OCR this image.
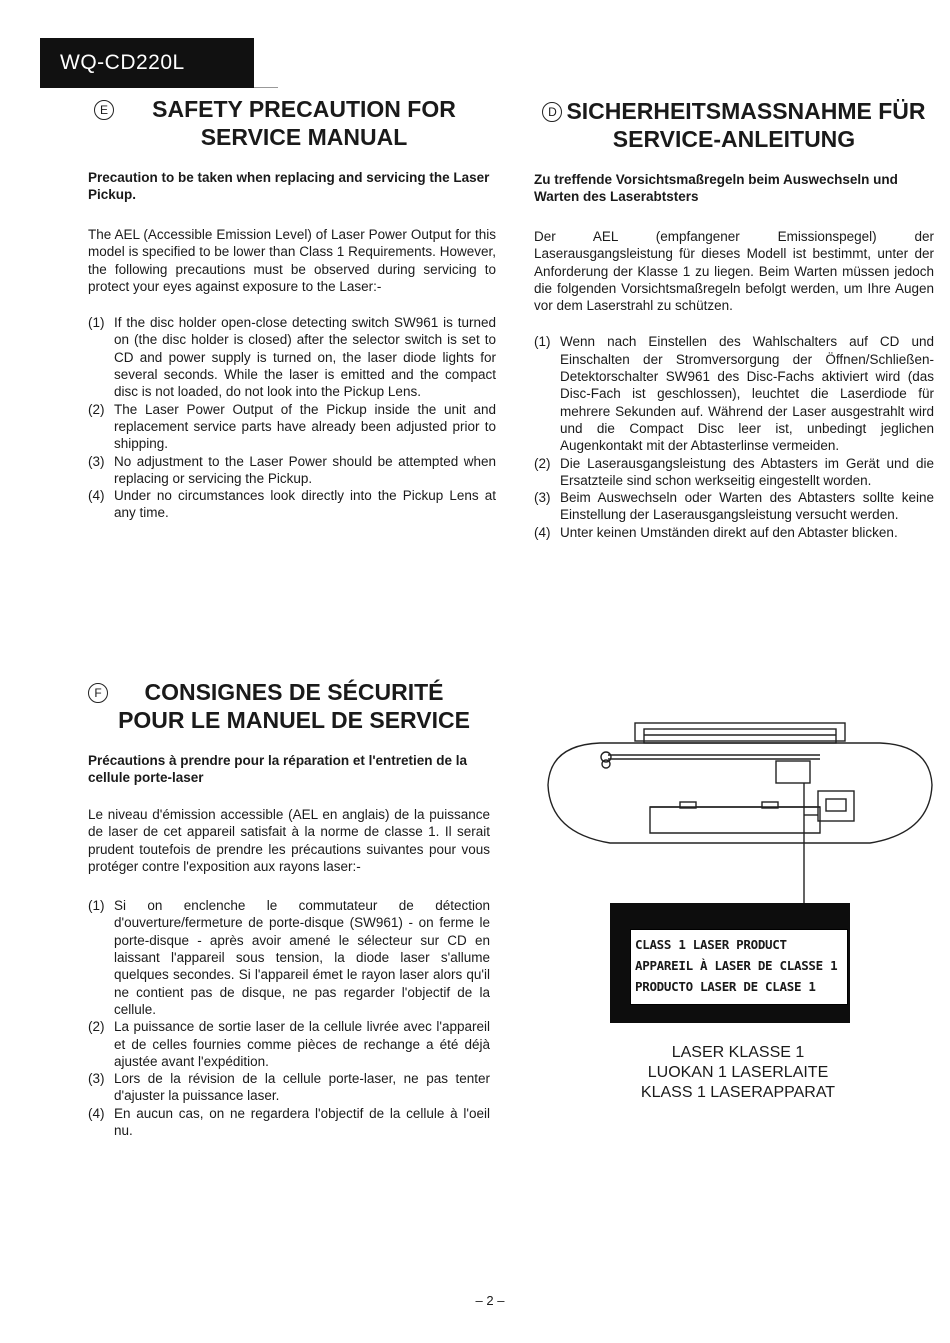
WQ-CD220L
E	SAFETY PRECAUTION FOR
SERVICE MANUAL

Precaution to be taken when replacing and servicing the Laser Pickup.

The AEL (Accessible Emission Level) of Laser Power Output for this model is specified to be lower than Class 1 Requirements. However, the following precautions must be observed during servicing to protect your eyes against exposure to the Laser:-

(1) If the disc holder open-close detecting switch SW961 is turned on (the disc holder is closed) after the selector switch is set to CD and power supply is turned on, the laser diode lights for several seconds. While the laser is emitted and the compact disc is not loaded, do not look into the Pickup Lens.
(2) The Laser Power Output of the Pickup inside the unit and replacement service parts have already been adjusted prior to shipping.
(3) No adjustment to the Laser Power should be attempted when replacing or servicing the Pickup.
(4) Under no circumstances look directly into the Pickup Lens at any time.
D SICHERHEITSMASSNAHME FÜR
SERVICE-ANLEITUNG

Zu treffende Vorsichtsmaßregeln beim Auswechseln und Warten des Laserabtsters

Der AEL (empfangener Emissionspegel) der Laserausgangsleistung für dieses Modell ist bestimmt, unter der Anforderung der Klasse 1 zu liegen. Beim Warten müssen jedoch die folgenden Vorsichtsmaßregeln befolgt werden, um Ihre Augen vor dem Laserstrahl zu schützen.

(1) Wenn nach Einstellen des Wahlschalters auf CD und Einschalten der Stromversorgung der Öffnen/Schließen-Detektorschalter SW961 des Disc-Fachs aktiviert wird (das Disc-Fach ist geschlossen), leuchtet die Laserdiode für mehrere Sekunden auf. Während der Laser ausgestrahlt wird und die Compact Disc leer ist, unbedingt jeglichen Augenkontakt mit der Abtasterlinse vermeiden.
(2) Die Laserausgangsleistung des Abtasters im Gerät und die Ersatzteile sind schon werkseitig eingestellt worden.
(3) Beim Auswechseln oder Warten des Abtasters sollte keine Einstellung der Laserausgangsleistung versucht werden.
(4) Unter keinen Umständen direkt auf den Abtaster blicken.
F	CONSIGNES DE SÉCURITÉ
POUR LE MANUEL DE SERVICE

Précautions à prendre pour la réparation et l'entretien de la cellule porte-laser

Le niveau d'émission accessible (AEL en anglais) de la puissance de laser de cet appareil satisfait à la norme de classe 1. Il serait prudent toutefois de prendre les précautions suivantes pour vous protéger contre l'exposition aux rayons laser:-

(1) Si on enclenche le commutateur de détection d'ouverture/fermeture de porte-disque (SW961) - on ferme le porte-disque - après avoir amené le sélecteur sur CD en laissant l'appareil sous tension, la diode laser s'allume quelques secondes. Si l'appareil émet le rayon laser alors qu'il ne contient pas de disque, ne pas regarder l'objectif de la cellule.
(2) La puissance de sortie laser de la cellule livrée avec l'appareil et de celles fournies comme pièces de rechange a été déjà ajustée avant l'expédition.
(3) Lors de la révision de la cellule porte-laser, ne pas tenter d'ajuster la puissance laser.
(4) En aucun cas, on ne regardera l'objectif de la cellule à l'oeil nu.
CLASS 1 LASER PRODUCT
APPAREIL À LASER DE CLASSE 1
PRODUCTO LASER DE CLASE 1
LASER KLASSE 1
LUOKAN 1 LASERLAITE
KLASS 1 LASERAPPARAT
– 2 –
